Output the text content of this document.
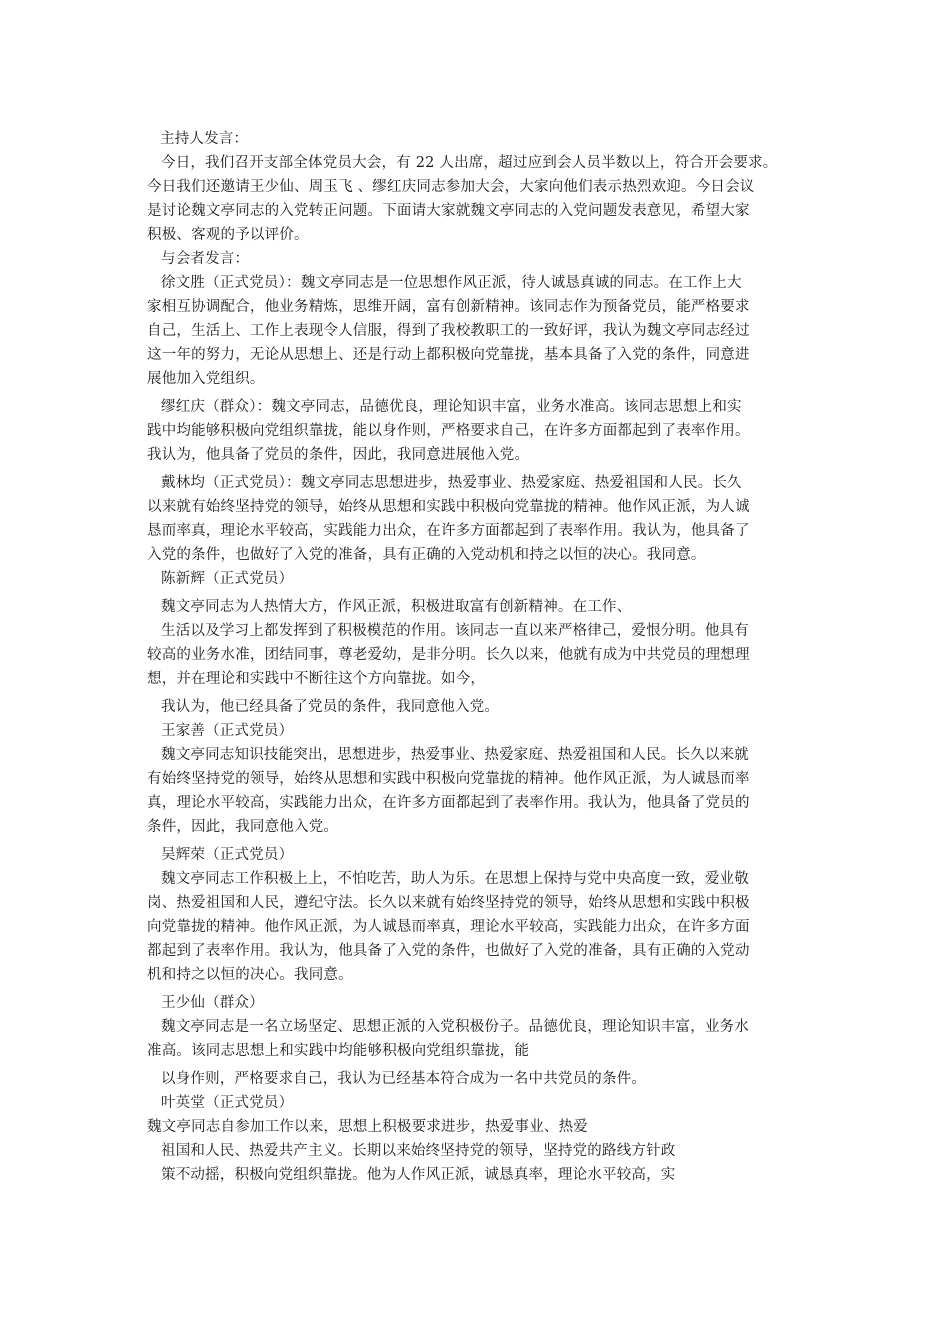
主持人发言：
今日，我们召开支部全体党员大会，有 22 人出席，超过应到会人员半数以上，符合开会要求。
今日我们还邀请王少仙、周玉飞 、缪红庆同志参加大会，大家向他们表示热烈欢迎。今日会议
是讨论魏文亭同志的入党转正问题。下面请大家就魏文亭同志的入党问题发表意见，希望大家
积极、客观的予以评价。
与会者发言：
徐文胜（正式党员）：魏文亭同志是一位思想作风正派，待人诚恳真诚的同志。在工作上大
家相互协调配合，他业务精炼，思维开阔，富有创新精神。该同志作为预备党员，能严格要求
自己，生活上、工作上表现令人信服，得到了我校教职工的一致好评，我认为魏文亭同志经过
这一年的努力，无论从思想上、还是行动上都积极向党靠拢，基本具备了入党的条件，同意进
展他加入党组织。
缪红庆（群众）：魏文亭同志，品德优良，理论知识丰富，业务水准高。该同志思想上和实
践中均能够积极向党组织靠拢，能以身作则，严格要求自己，在许多方面都起到了表率作用。
我认为，他具备了党员的条件，因此，我同意进展他入党。
戴林均（正式党员）：魏文亭同志思想进步，热爱事业、热爱家庭、热爱祖国和人民。长久
以来就有始终坚持党的领导，始终从思想和实践中积极向党靠拢的精神。他作风正派，为人诚
恳而率真，理论水平较高，实践能力出众，在许多方面都起到了表率作用。我认为，他具备了
入党的条件，也做好了入党的准备，具有正确的入党动机和持之以恒的决心。我同意。
陈新辉（正式党员）
魏文亭同志为人热情大方，作风正派，积极进取富有创新精神。在工作、
生活以及学习上都发挥到了积极模范的作用。该同志一直以来严格律己，爱恨分明。他具有
较高的业务水准，团结同事，尊老爱幼，是非分明。长久以来，他就有成为中共党员的理想理
想，并在理论和实践中不断往这个方向靠拢。如今，
我认为，他已经具备了党员的条件，我同意他入党。
王家善（正式党员）
魏文亭同志知识技能突出，思想进步，热爱事业、热爱家庭、热爱祖国和人民。长久以来就
有始终坚持党的领导，始终从思想和实践中积极向党靠拢的精神。他作风正派，为人诚恳而率
真，理论水平较高，实践能力出众，在许多方面都起到了表率作用。我认为，他具备了党员的
条件，因此，我同意他入党。
吴辉荣（正式党员）
魏文亭同志工作积极上上，不怕吃苦，助人为乐。在思想上保持与党中央高度一致，爱业敬
岗、热爱祖国和人民，遵纪守法。长久以来就有始终坚持党的领导，始终从思想和实践中积极
向党靠拢的精神。他作风正派，为人诚恳而率真，理论水平较高，实践能力出众，在许多方面
都起到了表率作用。我认为，他具备了入党的条件，也做好了入党的准备，具有正确的入党动
机和持之以恒的决心。我同意。
王少仙（群众）
魏文亭同志是一名立场坚定、思想正派的入党积极份子。品德优良，理论知识丰富，业务水
准高。该同志思想上和实践中均能够积极向党组织靠拢，能
以身作则，严格要求自己，我认为已经基本符合成为一名中共党员的条件。
叶英堂（正式党员）
魏文亭同志自参加工作以来，思想上积极要求进步，热爱事业、热爱
祖国和人民、热爱共产主义。长期以来始终坚持党的领导，坚持党的路线方针政
策不动摇，积极向党组织靠拢。他为人作风正派，诚恳真率，理论水平较高，实
